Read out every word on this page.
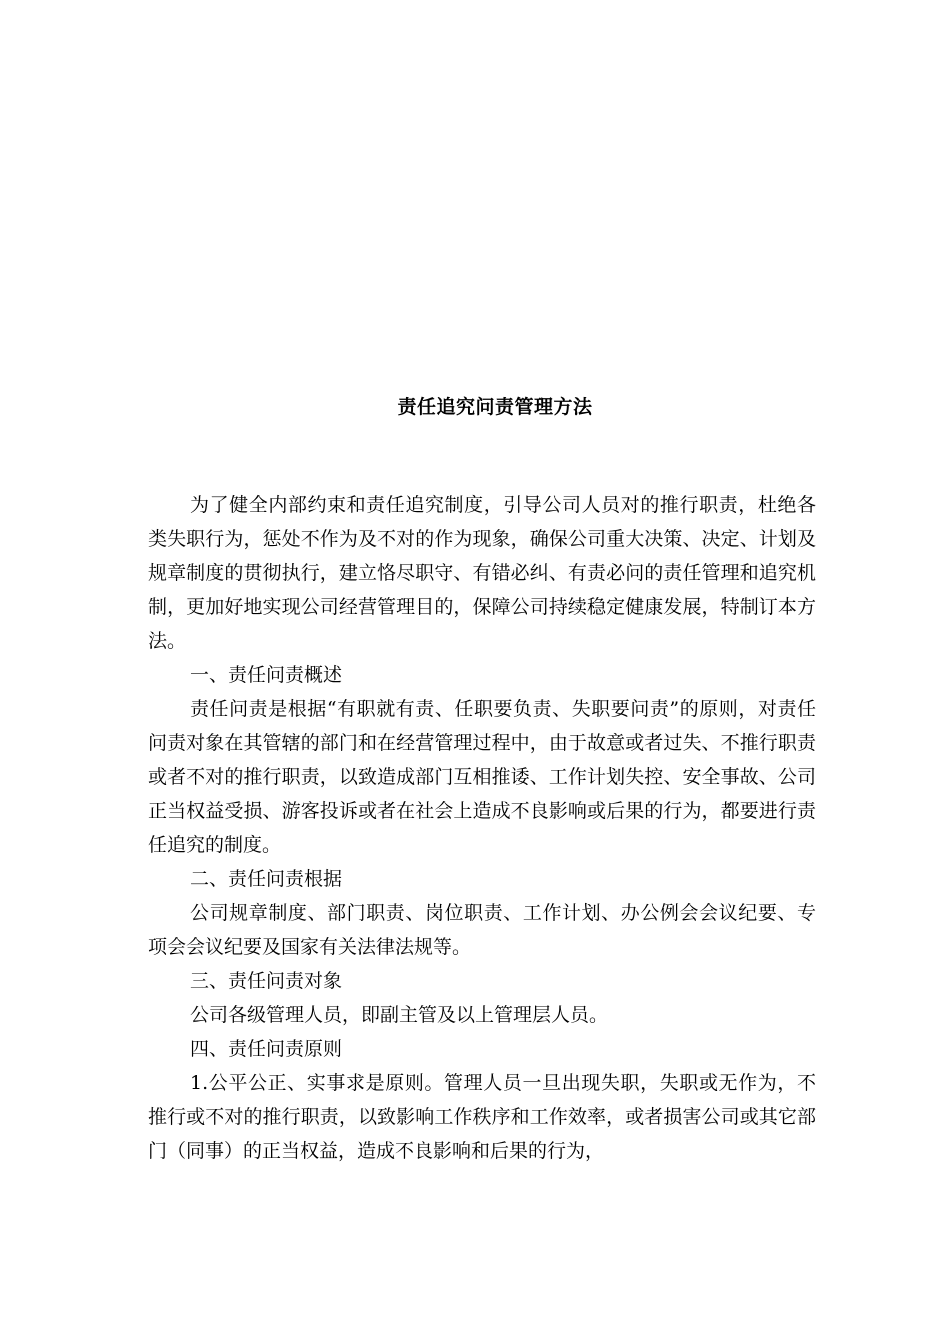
责任追究问责管理方法

为了健全内部约束和责任追究制度，引导公司人员对的推行职责，杜绝各类失职行为，惩处不作为及不对的作为现象，确保公司重大决策、决定、计划及规章制度的贯彻执行，建立恪尽职守、有错必纠、有责必问的责任管理和追究机制，更加好地实现公司经营管理目的，保障公司持续稳定健康发展，特制订本方法。

一、责任问责概述

责任问责是根据“有职就有责、任职要负责、失职要问责”的原则，对责任问责对象在其管辖的部门和在经营管理过程中，由于故意或者过失、不推行职责或者不对的推行职责，以致造成部门互相推诿、工作计划失控、安全事故、公司正当权益受损、游客投诉或者在社会上造成不良影响或后果的行为，都要进行责任追究的制度。

二、责任问责根据

公司规章制度、部门职责、岗位职责、工作计划、办公例会会议纪要、专项会会议纪要及国家有关法律法规等。

三、责任问责对象

公司各级管理人员，即副主管及以上管理层人员。

四、责任问责原则

1.公平公正、实事求是原则。管理人员一旦出现失职，失职或无作为，不推行或不对的推行职责，以致影响工作秩序和工作效率，或者损害公司或其它部门（同事）的正当权益，造成不良影响和后果的行为，
